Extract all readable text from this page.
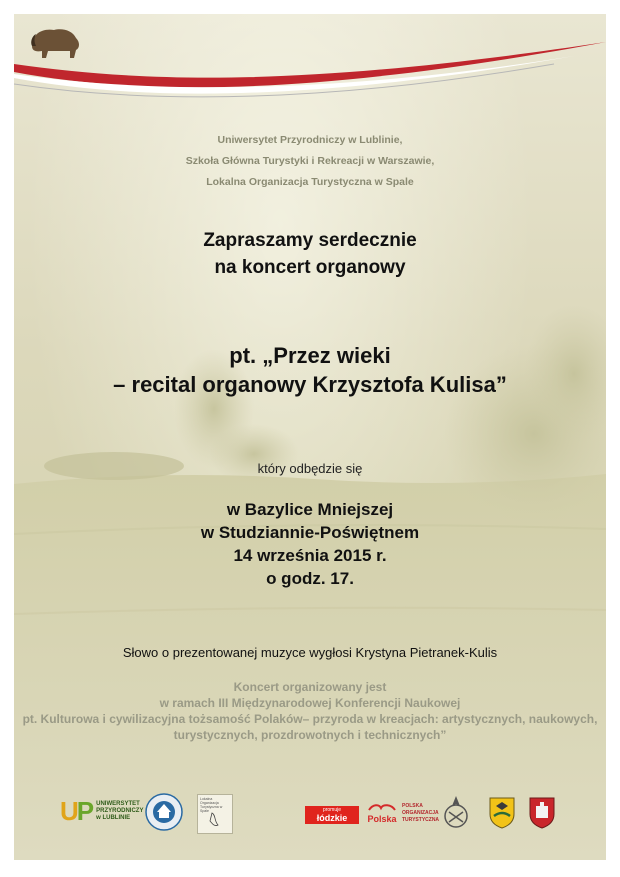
Uniwersytet Przyrodniczy w Lublinie,
Szkoła Główna Turystyki i Rekreacji w Warszawie,
Lokalna Organizacja Turystyczna w Spale
Zapraszamy serdecznie
na koncert organowy
pt. „Przez wieki
– recital organowy Krzysztofa Kulisa”
który odbędzie się
w Bazylice Mniejszej
w Studziannie-Poświętnem
14 września 2015 r.
o godz. 17.
Słowo o prezentowanej muzyce wygłosi Krystyna Pietranek-Kulis
Koncert organizowany jest
w ramach III Międzynarodowej Konferencji Naukowej
pt. Kulturowa i cywilizacyjna tożsamość Polaków– przyroda w kreacjach: artystycznych, naukowych,
turystycznych, prozdrowotnych i technicznych”
UP UNIWERSYTET
PRZYRODNICZY
w LUBLINIE
Lokalna Organizacja Turystyczna w Spale	promuje
łódzkie Polska
POLSKA
ORGANIZACJA
TURYSTYCZNA
